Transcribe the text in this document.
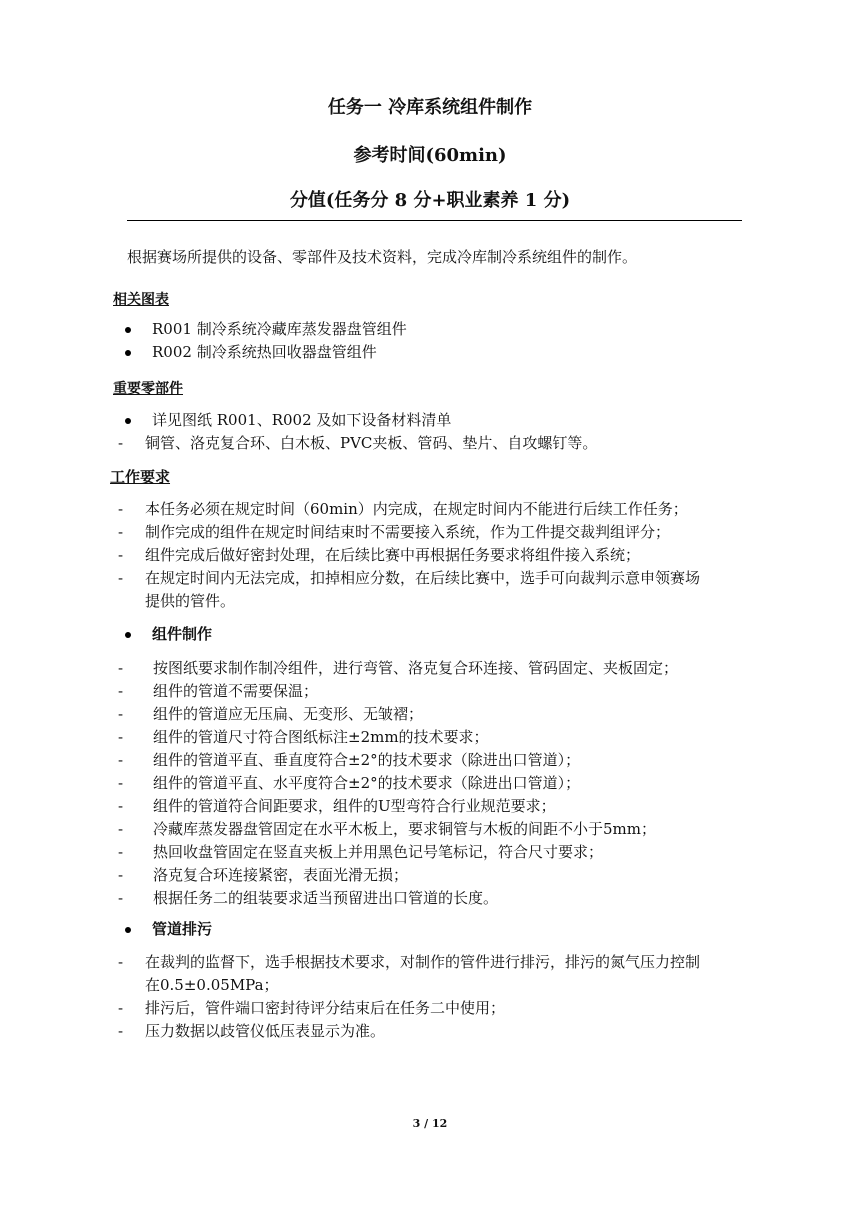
任务一 冷库系统组件制作
参考时间(60min)
分值(任务分 8 分+职业素养 1 分)
根据赛场所提供的设备、零部件及技术资料，完成冷库制冷系统组件的制作。
相关图表
R001 制冷系统冷藏库蒸发器盘管组件
R002 制冷系统热回收器盘管组件
重要零部件
详见图纸 R001、R002 及如下设备材料清单
-	铜管、洛克复合环、白木板、PVC夹板、管码、垫片、自攻螺钉等。
工作要求
-	本任务必须在规定时间（60min）内完成，在规定时间内不能进行后续工作任务；
-	制作完成的组件在规定时间结束时不需要接入系统，作为工件提交裁判组评分；
-	组件完成后做好密封处理，在后续比赛中再根据任务要求将组件接入系统；
-	在规定时间内无法完成，扣掉相应分数，在后续比赛中，选手可向裁判示意申领赛场
提供的管件。
组件制作
-	按图纸要求制作制冷组件，进行弯管、洛克复合环连接、管码固定、夹板固定；
-	组件的管道不需要保温；
-	组件的管道应无压扁、无变形、无皱褶；
-	组件的管道尺寸符合图纸标注±2mm的技术要求；
-	组件的管道平直、垂直度符合±2°的技术要求（除进出口管道）；
-	组件的管道平直、水平度符合±2°的技术要求（除进出口管道）；
-	组件的管道符合间距要求，组件的U型弯符合行业规范要求；
-	冷藏库蒸发器盘管固定在水平木板上，要求铜管与木板的间距不小于5mm；
-	热回收盘管固定在竖直夹板上并用黑色记号笔标记，符合尺寸要求；
-	洛克复合环连接紧密，表面光滑无损；
-	根据任务二的组装要求适当预留进出口管道的长度。
管道排污
-	在裁判的监督下，选手根据技术要求，对制作的管件进行排污，排污的氮气压力控制
在0.5±0.05MPa；
-	排污后，管件端口密封待评分结束后在任务二中使用；
-	压力数据以歧管仪低压表显示为准。
3 / 12
